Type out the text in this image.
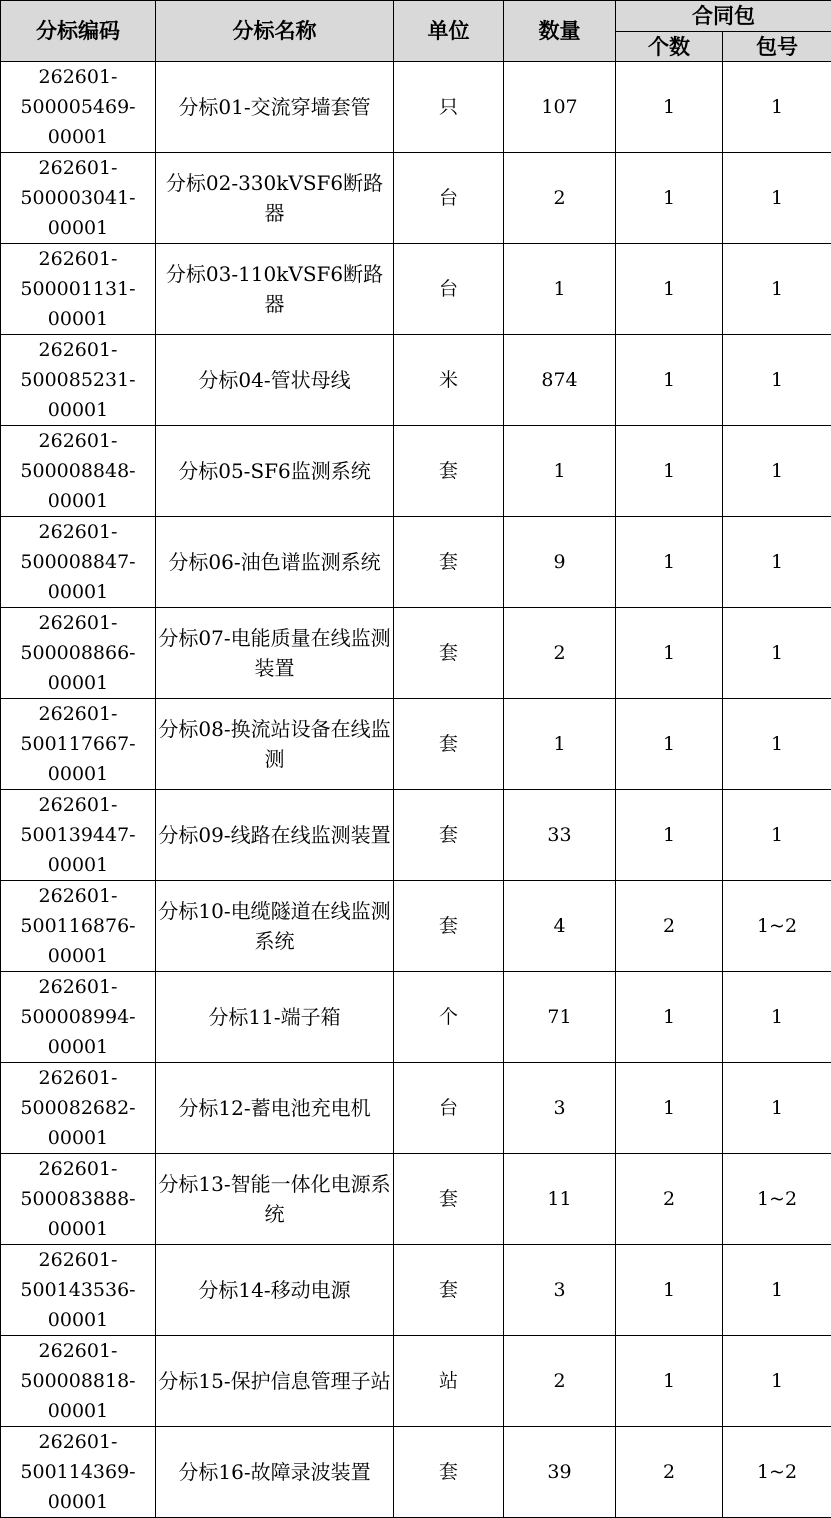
分标编码	分标名称	单位	数量	合同包	
				个数	包号

262601-
500005469-
00001	分标01-交流穿墙套管	只	107	1	1

262601-
500003041-
00001	分标02-330kVSF6断路器	台	2	1	1

262601-
500001131-
00001	分标03-110kVSF6断路器	台	1	1	1

262601-
500085231-
00001	分标04-管状母线	米	874	1	1

262601-
500008848-
00001	分标05-SF6监测系统	套	1	1	1

262601-
500008847-
00001	分标06-油色谱监测系统	套	9	1	1

262601-
500008866-
00001	分标07-电能质量在线监测装置	套	2	1	1

262601-
500117667-
00001	分标08-换流站设备在线监测	套	1	1	1

262601-
500139447-
00001	分标09-线路在线监测装置	套	33	1	1

262601-
500116876-
00001	分标10-电缆隧道在线监测系统	套	4	2	1~2

262601-
500008994-
00001	分标11-端子箱	个	71	1	1

262601-
500082682-
00001	分标12-蓄电池充电机	台	3	1	1

262601-
500083888-
00001	分标13-智能一体化电源系统	套	11	2	1~2

262601-
500143536-
00001	分标14-移动电源	套	3	1	1

262601-
500008818-
00001	分标15-保护信息管理子站	站	2	1	1

262601-
500114369-
00001	分标16-故障录波装置	套	39	2	1~2
